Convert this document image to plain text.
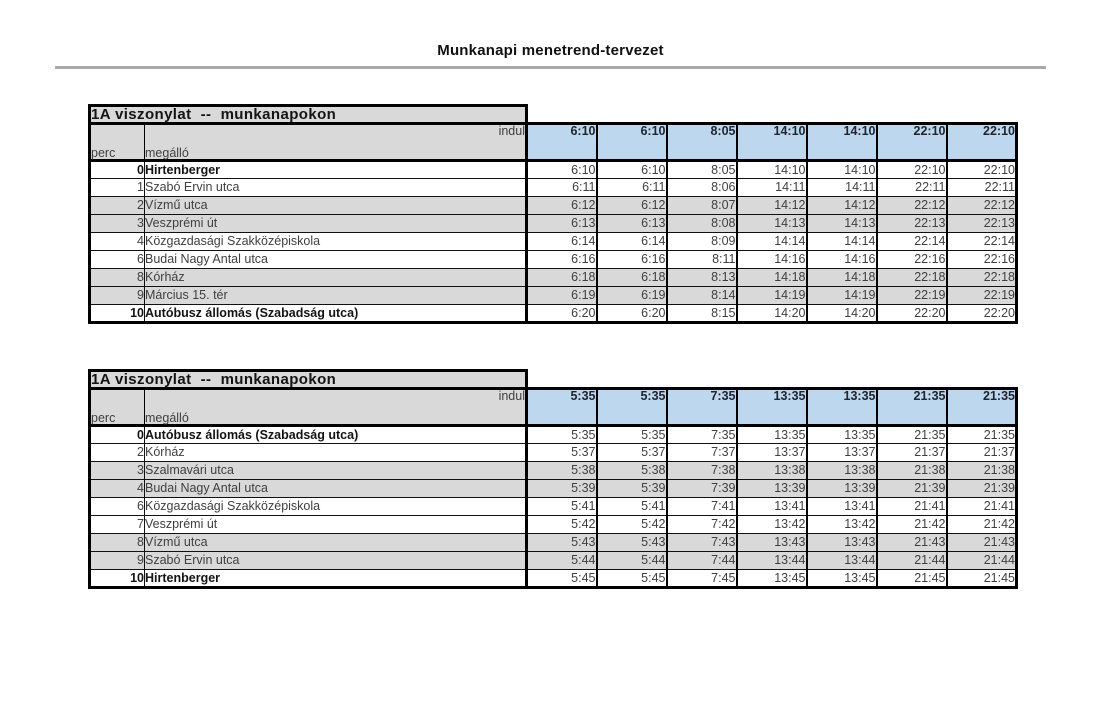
Munkanapi menetrend-tervezet
1A viszonylat  --  munkanapokon								
	indul	6:10	6:10	8:05	14:10	14:10	22:10	22:10
perc	megálló							
0	Hirtenberger	6:10	6:10	8:05	14:10	14:10	22:10	22:10
1	Szabó Ervin utca	6:11	6:11	8:06	14:11	14:11	22:11	22:11
2	Vízmű utca	6:12	6:12	8:07	14:12	14:12	22:12	22:12
3	Veszprémi út	6:13	6:13	8:08	14:13	14:13	22:13	22:13
4	Közgazdasági Szakközépiskola	6:14	6:14	8:09	14:14	14:14	22:14	22:14
6	Budai Nagy Antal utca	6:16	6:16	8:11	14:16	14:16	22:16	22:16
8	Kórház	6:18	6:18	8:13	14:18	14:18	22:18	22:18
9	Március 15. tér	6:19	6:19	8:14	14:19	14:19	22:19	22:19
10	Autóbusz állomás (Szabadság utca)	6:20	6:20	8:15	14:20	14:20	22:20	22:20
1A viszonylat  --  munkanapokon								
	indul	5:35	5:35	7:35	13:35	13:35	21:35	21:35
perc	megálló							
0	Autóbusz állomás (Szabadság utca)	5:35	5:35	7:35	13:35	13:35	21:35	21:35
2	Kórház	5:37	5:37	7:37	13:37	13:37	21:37	21:37
3	Szalmavári utca	5:38	5:38	7:38	13:38	13:38	21:38	21:38
4	Budai Nagy Antal utca	5:39	5:39	7:39	13:39	13:39	21:39	21:39
6	Közgazdasági Szakközépiskola	5:41	5:41	7:41	13:41	13:41	21:41	21:41
7	Veszprémi út	5:42	5:42	7:42	13:42	13:42	21:42	21:42
8	Vízmű utca	5:43	5:43	7:43	13:43	13:43	21:43	21:43
9	Szabó Ervin utca	5:44	5:44	7:44	13:44	13:44	21:44	21:44
10	Hirtenberger	5:45	5:45	7:45	13:45	13:45	21:45	21:45
